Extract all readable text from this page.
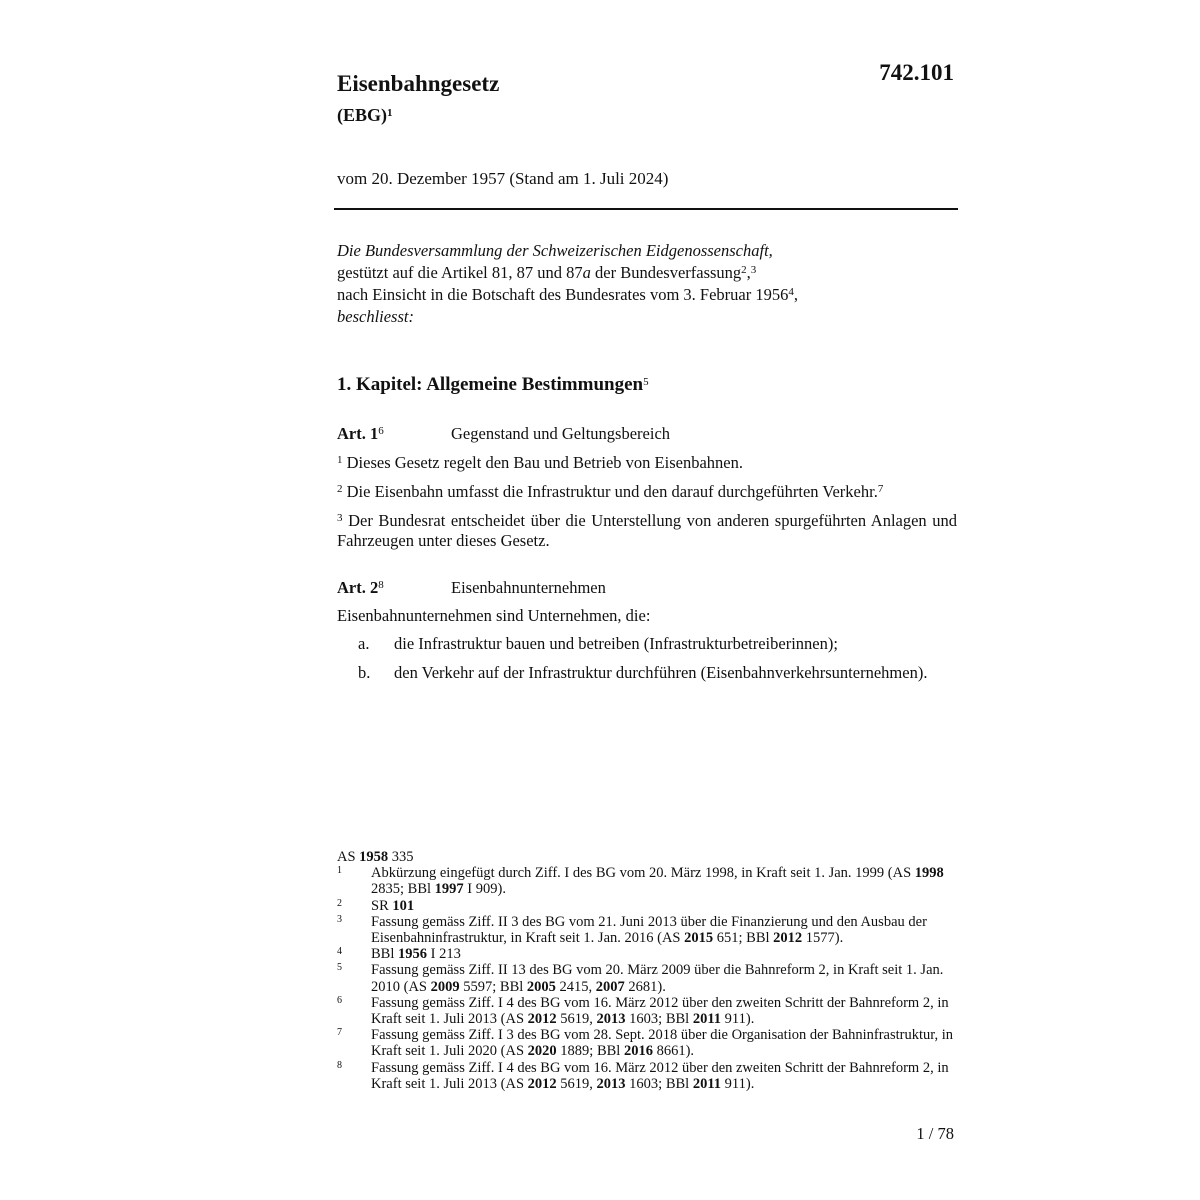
Eisenbahngesetz
(EBG)$^1$
742.101
vom 20. Dezember 1957 (Stand am 1. Juli 2024)
Die Bundesversammlung der Schweizerischen Eidgenossenschaft,
gestützt auf die Artikel 81, 87 und 87a der Bundesverfassung$^2$,$^3$
nach Einsicht in die Botschaft des Bundesrates vom 3. Februar 1956$^4$,
beschliesst:
1. Kapitel: Allgemeine Bestimmungen$^5$
Art. $1^6$	Gegenstand und Geltungsbereich
$^1$ Dieses Gesetz regelt den Bau und Betrieb von Eisenbahnen.
$^2$ Die Eisenbahn umfasst die Infrastruktur und den darauf durchgeführten Verkehr.$^7$
$^3$ Der Bundesrat entscheidet über die Unterstellung von anderen spurgeführten Anlagen und Fahrzeugen unter dieses Gesetz.
Art. $2^8$	Eisenbahnunternehmen
Eisenbahnunternehmen sind Unternehmen, die:
a. die Infrastruktur bauen und betreiben (Infrastrukturbetreiberinnen);
b. den Verkehr auf der Infrastruktur durchführen (Eisenbahnverkehrsunternehmen).
AS 1958 335
1 Abkürzung eingefügt durch Ziff. I des BG vom 20. März 1998, in Kraft seit 1. Jan. 1999 (AS 1998 2835; BBl 1997 I 909).
2 SR 101
3 Fassung gemäss Ziff. II 3 des BG vom 21. Juni 2013 über die Finanzierung und den Ausbau der Eisenbahninfrastruktur, in Kraft seit 1. Jan. 2016 (AS 2015 651; BBl 2012 1577).
4 BBl 1956 I 213
5 Fassung gemäss Ziff. II 13 des BG vom 20. März 2009 über die Bahnreform 2, in Kraft seit 1. Jan. 2010 (AS 2009 5597; BBl 2005 2415, 2007 2681).
6 Fassung gemäss Ziff. I 4 des BG vom 16. März 2012 über den zweiten Schritt der Bahnreform 2, in Kraft seit 1. Juli 2013 (AS 2012 5619, 2013 1603; BBl 2011 911).
7 Fassung gemäss Ziff. I 3 des BG vom 28. Sept. 2018 über die Organisation der Bahninfrastruktur, in Kraft seit 1. Juli 2020 (AS 2020 1889; BBl 2016 8661).
8 Fassung gemäss Ziff. I 4 des BG vom 16. März 2012 über den zweiten Schritt der Bahnreform 2, in Kraft seit 1. Juli 2013 (AS 2012 5619, 2013 1603; BBl 2011 911).
1 / 78
